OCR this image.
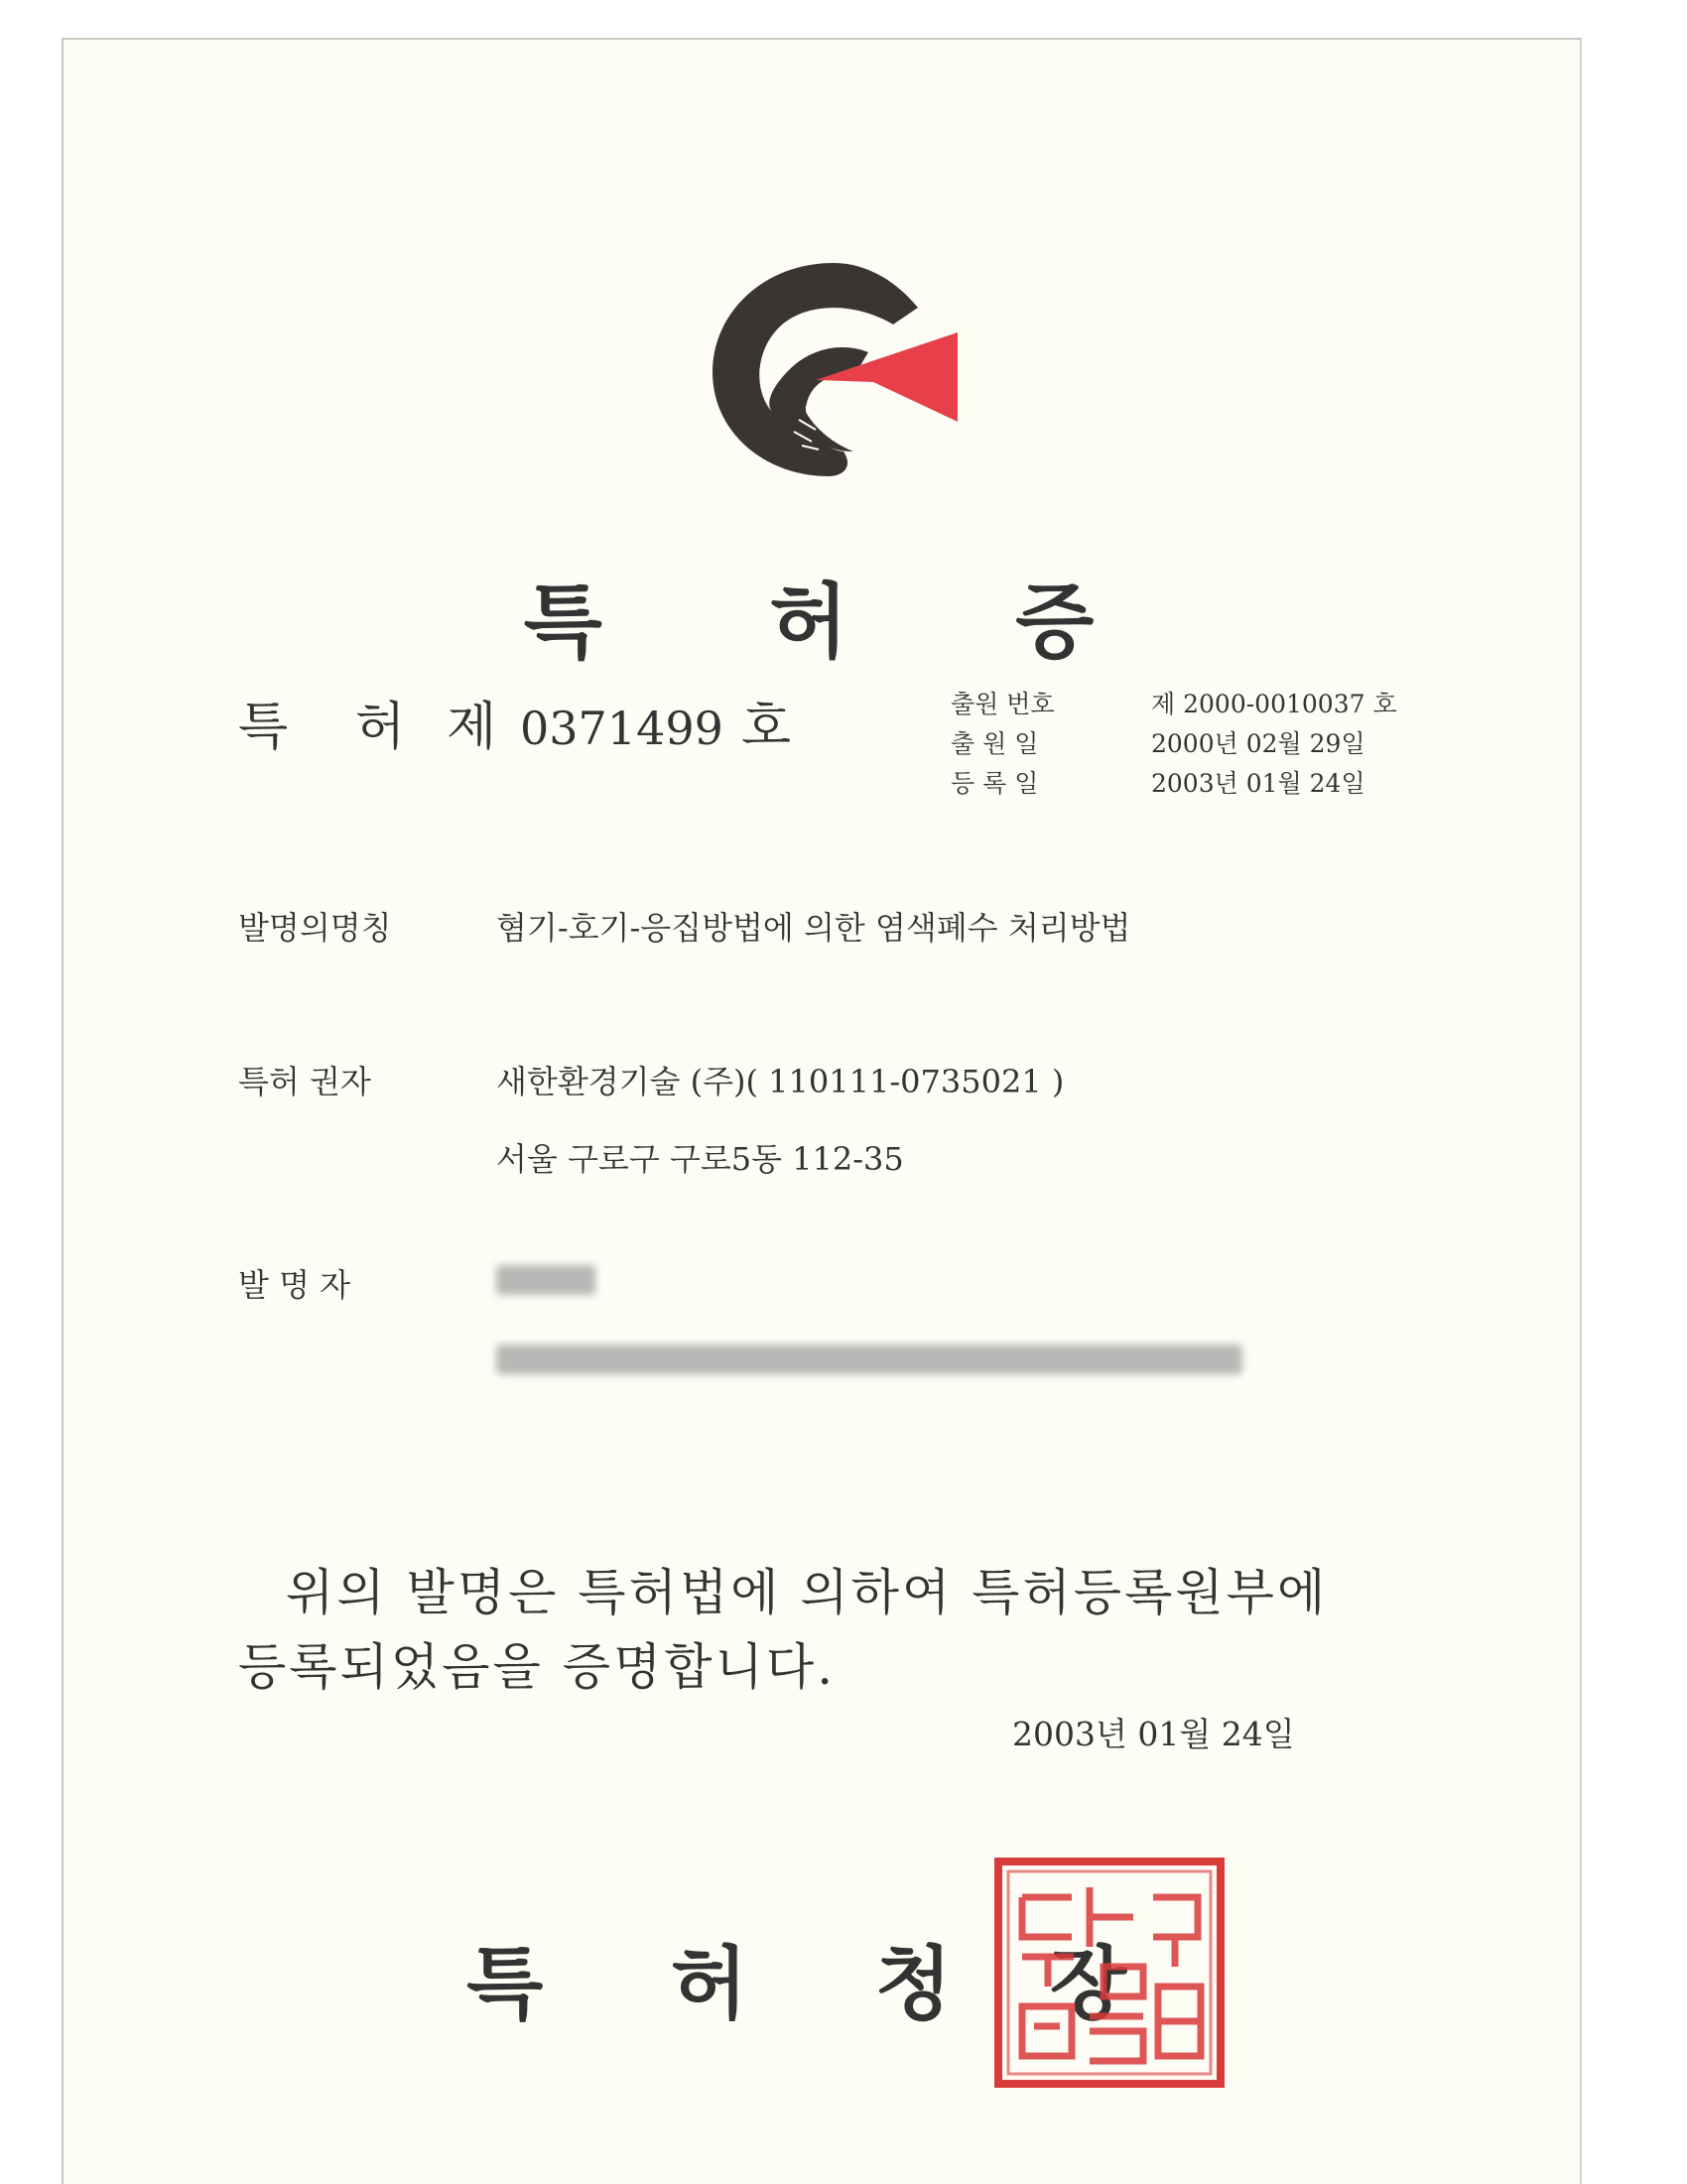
특 허 증
특 허 제 0371499 호	출원 번호	제 2000-0010037 호
출 원 일	2000년 02월 29일
등 록 일	2003년 01월 24일
발명의명칭	혐기-호기-응집방법에 의한 염색폐수 처리방법
특허 권자	새한환경기술 (주)( 110111-0735021 )
서울 구로구 구로5동 112-35
발 명 자
위의 발명은 특허법에 의하여 특허등록원부에
등록되었음을 증명합니다.
2003년 01월 24일
특 허 청 장
